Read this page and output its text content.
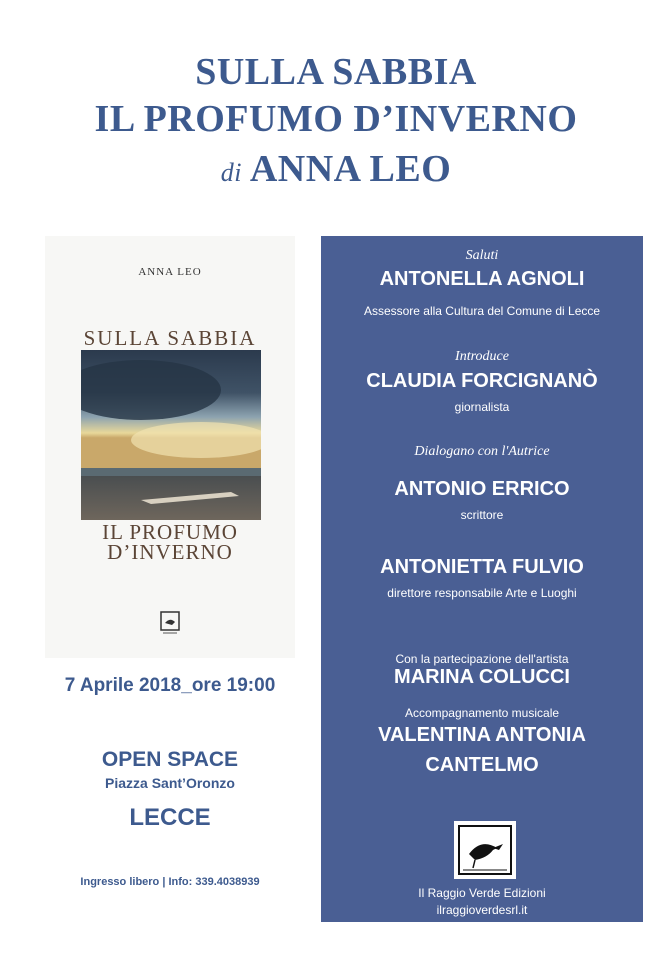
SULLA SABBIA
IL PROFUMO D’INVERNO
di ANNA LEO
ANNA LEO
SULLA SABBIA
IL PROFUMO
D’INVERNO
7 Aprile 2018_ore 19:00
OPEN SPACE
Piazza Sant’Oronzo
LECCE
Ingresso libero | Info: 339.4038939
Saluti
ANTONELLA AGNOLI
Assessore alla Cultura del Comune di Lecce
Introduce
CLAUDIA FORCIGNANÒ
giornalista
Dialogano con l'Autrice
ANTONIO ERRICO
scrittore
ANTONIETTA FULVIO
direttore responsabile Arte e Luoghi
Con la partecipazione dell'artista
MARINA COLUCCI
Accompagnamento musicale
VALENTINA ANTONIA
CANTELMO
Il Raggio Verde Edizioni
ilraggioverdesrl.it
